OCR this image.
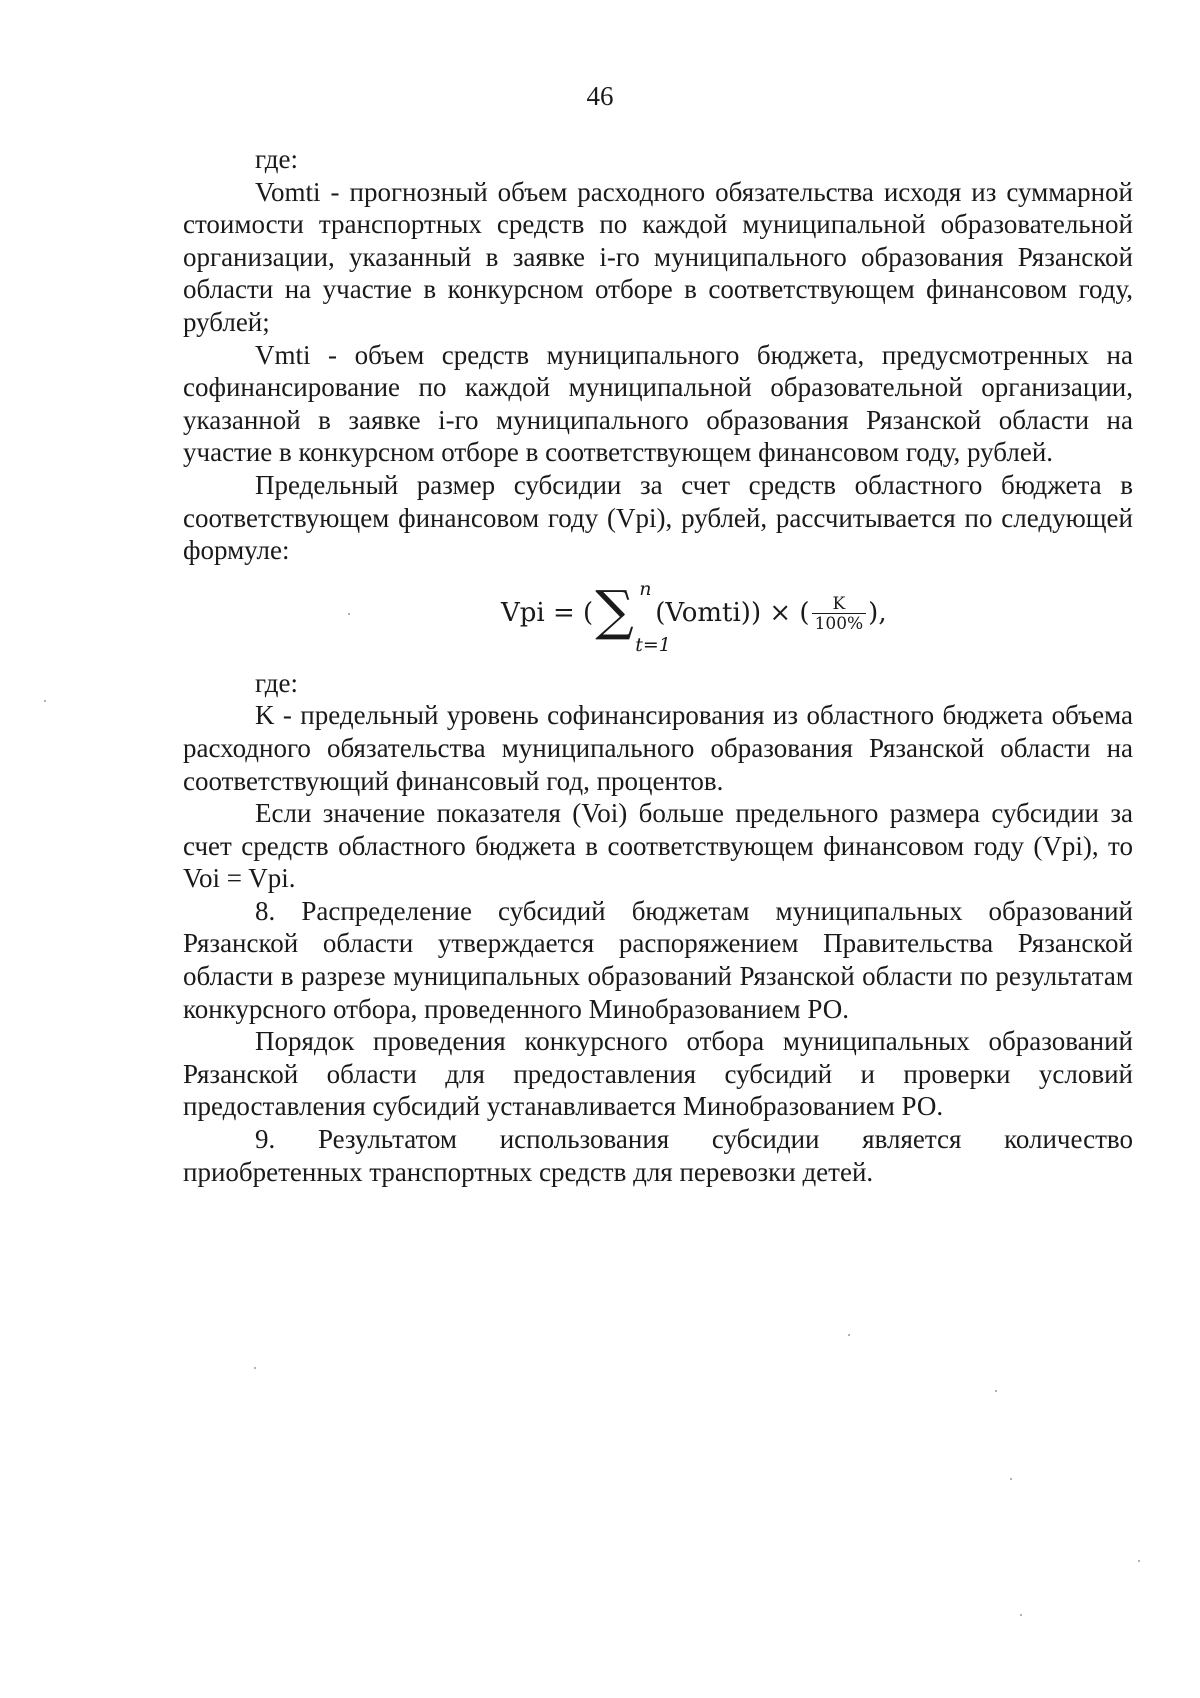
46

где:

Vomti - прогнозный объем расходного обязательства исходя из суммарной стоимости транспортных средств по каждой муниципальной образовательной организации, указанный в заявке i-го муниципального образования Рязанской области на участие в конкурсном отборе в соответствующем финансовом году, рублей;

Vmti - объем средств муниципального бюджета, предусмотренных на софинансирование по каждой муниципальной образовательной организации, указанной в заявке i-го муниципального образования Рязанской области на участие в конкурсном отборе в соответствующем финансовом году, рублей.

Предельный размер субсидии за счет средств областного бюджета в соответствующем финансовом году (Vpi), рублей, рассчитывается по следующей формуле:

Vpi = ( ∑ n
t=1
(Vomti)) × ( $\frac{K}{100\%}$ ),

где:

K - предельный уровень софинансирования из областного бюджета объема расходного обязательства муниципального образования Рязанской области на соответствующий финансовый год, процентов.

Если значение показателя (Voi) больше предельного размера субсидии за счет средств областного бюджета в соответствующем финансовом году (Vpi), то Voi = Vpi.

8. Распределение субсидий бюджетам муниципальных образований Рязанской области утверждается распоряжением Правительства Рязанской области в разрезе муниципальных образований Рязанской области по результатам конкурсного отбора, проведенного Минобразованием РО.

Порядок проведения конкурсного отбора муниципальных образований Рязанской области для предоставления субсидий и проверки условий предоставления субсидий устанавливается Минобразованием РО.

9. Результатом использования субсидии является количество приобретенных транспортных средств для перевозки детей.
